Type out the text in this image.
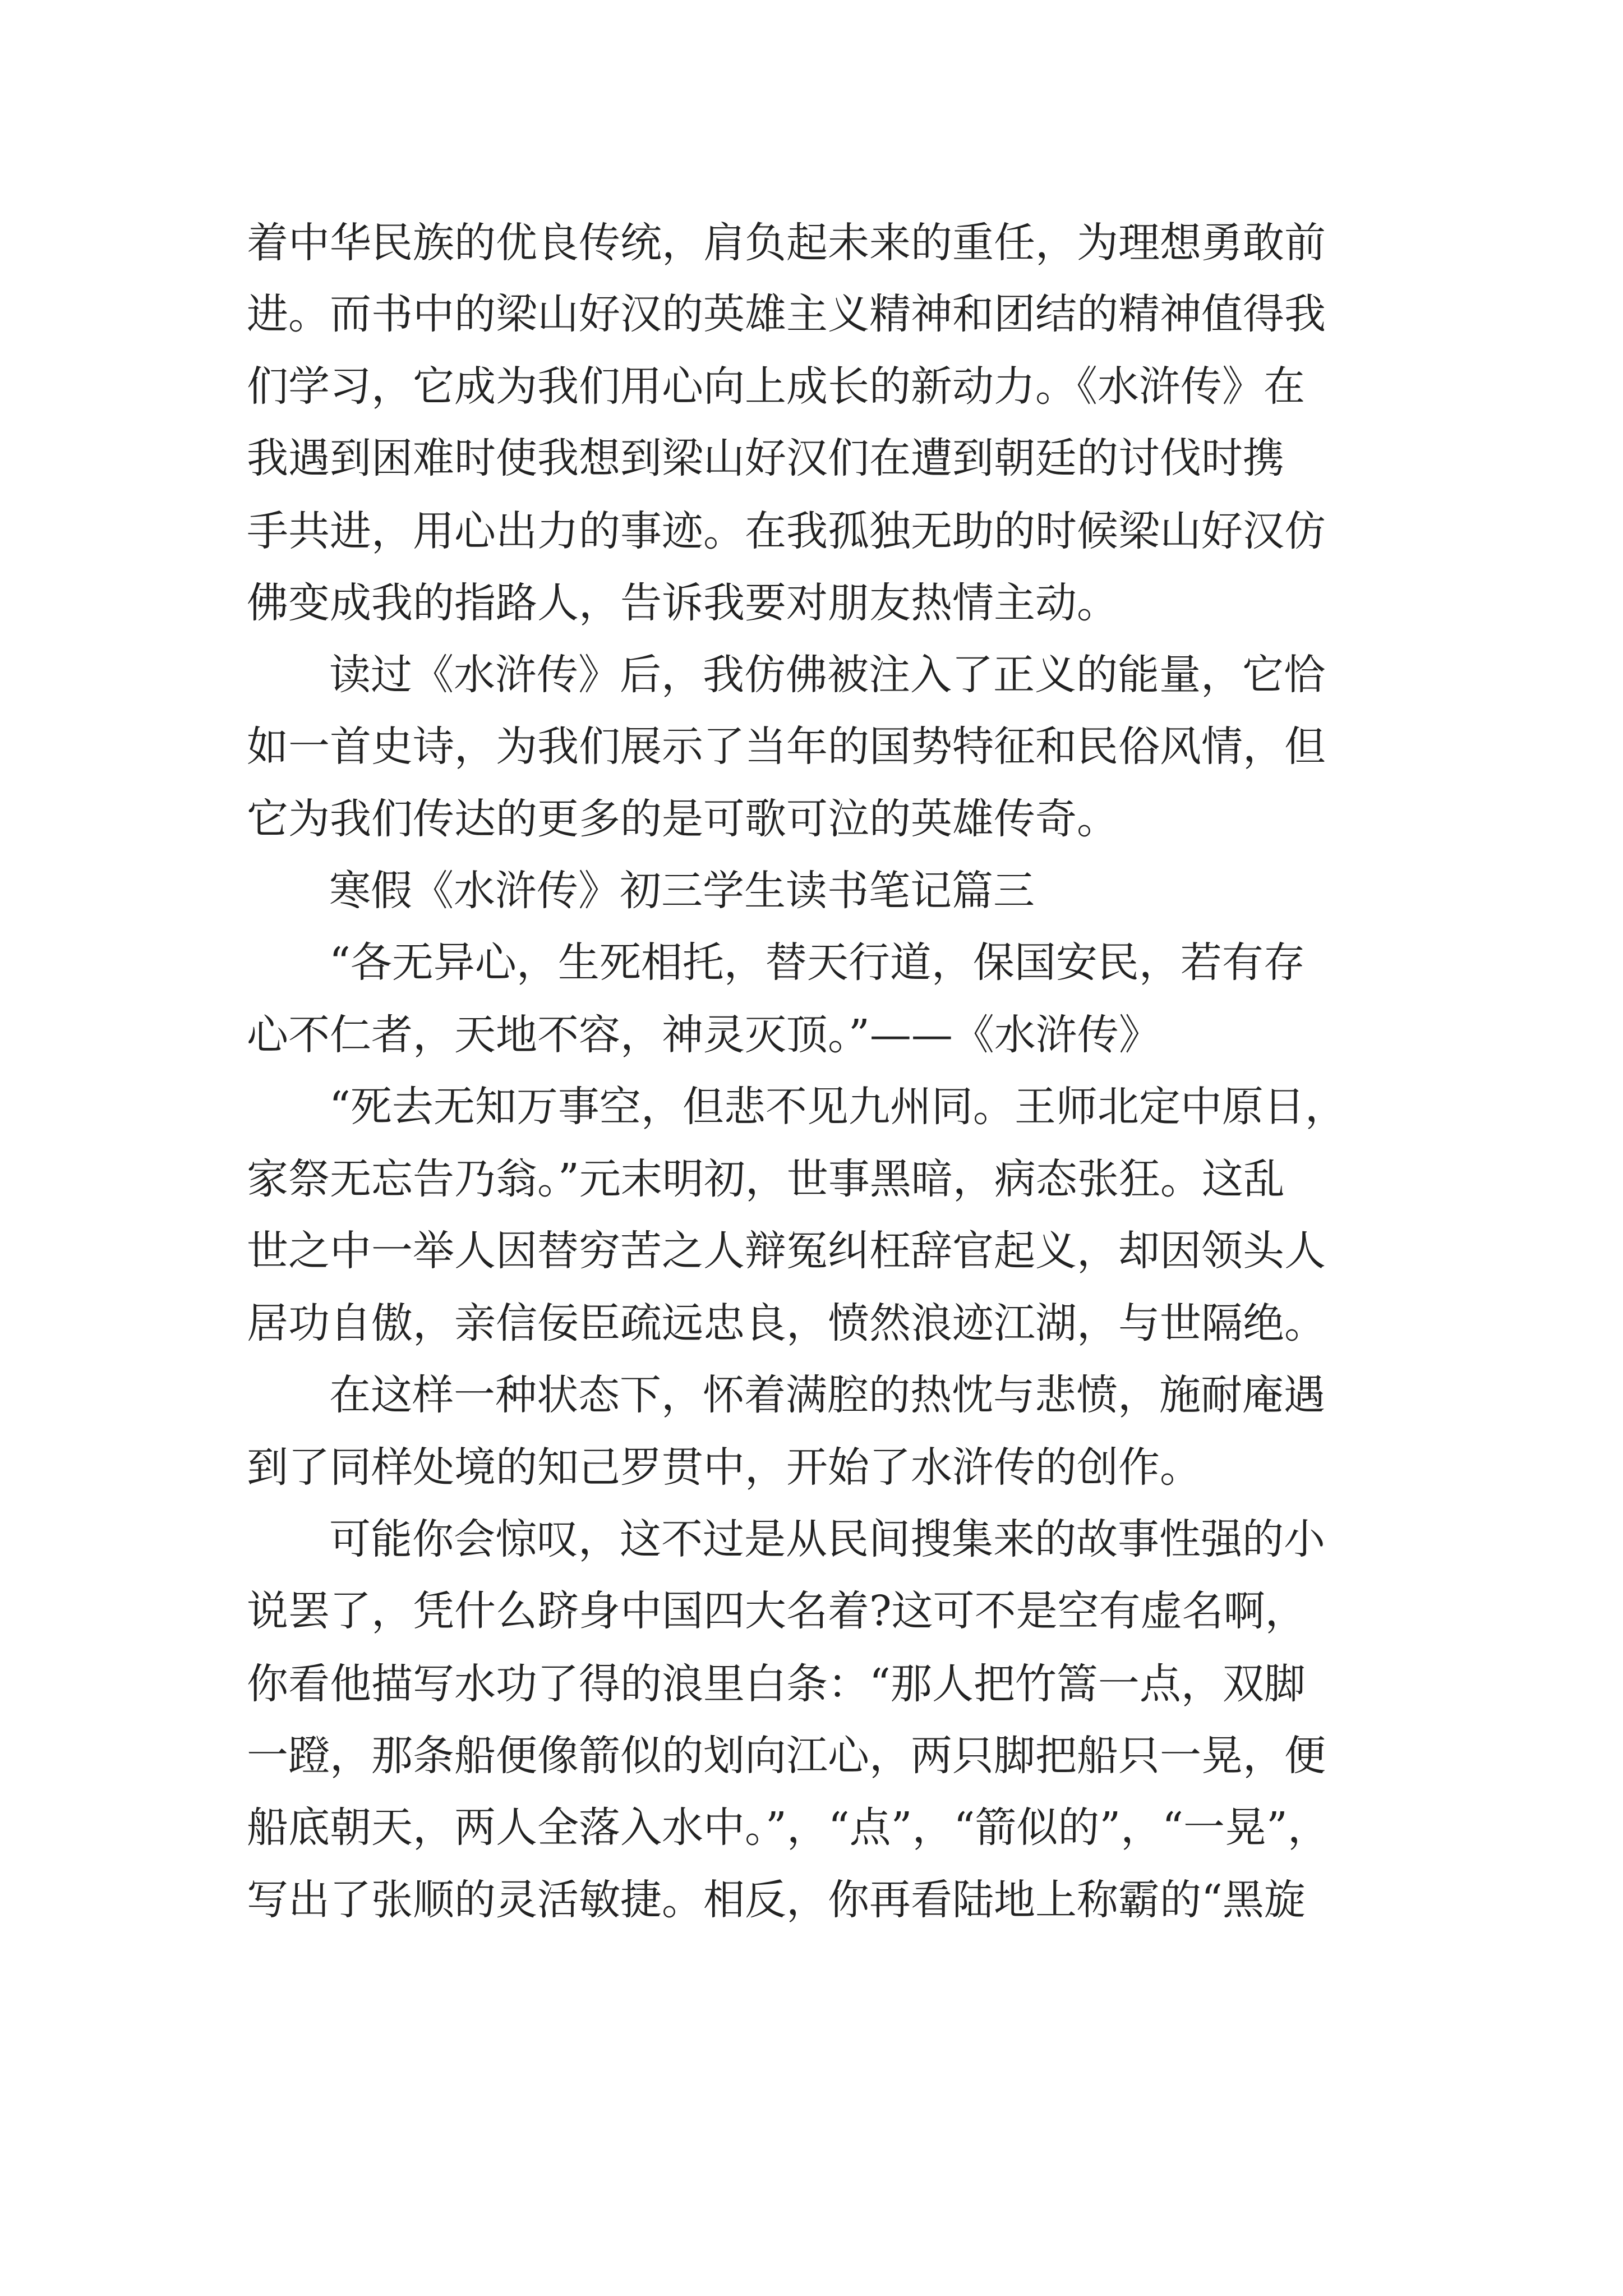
着中华民族的优良传统，肩负起未来的重任，为理想勇敢前
进。而书中的梁山好汉的英雄主义精神和团结的精神值得我
们学习，它成为我们用心向上成长的新动力。《水浒传》在
我遇到困难时使我想到梁山好汉们在遭到朝廷的讨伐时携
手共进，用心出力的事迹。在我孤独无助的时候梁山好汉仿
佛变成我的指路人，告诉我要对朋友热情主动。
读过《水浒传》后，我仿佛被注入了正义的能量，它恰
如一首史诗，为我们展示了当年的国势特征和民俗风情，但
它为我们传达的更多的是可歌可泣的英雄传奇。
寒假《水浒传》初三学生读书笔记篇三
“各无异心，生死相托，替天行道，保国安民，若有存
心不仁者，天地不容，神灵灭顶。”——《水浒传》
“死去无知万事空，但悲不见九州同。王师北定中原日，
家祭无忘告乃翁。”元末明初，世事黑暗，病态张狂。这乱
世之中一举人因替穷苦之人辩冤纠枉辞官起义，却因领头人
居功自傲，亲信佞臣疏远忠良，愤然浪迹江湖，与世隔绝。
在这样一种状态下，怀着满腔的热忱与悲愤，施耐庵遇
到了同样处境的知己罗贯中，开始了水浒传的创作。
可能你会惊叹，这不过是从民间搜集来的故事性强的小
说罢了，凭什么跻身中国四大名着?这可不是空有虚名啊，
你看他描写水功了得的浪里白条：“那人把竹篙一点，双脚
一蹬，那条船便像箭似的划向江心，两只脚把船只一晃，便
船底朝天，两人全落入水中。”，“点”，“箭似的”，“一晃”，
写出了张顺的灵活敏捷。相反，你再看陆地上称霸的“黑旋
